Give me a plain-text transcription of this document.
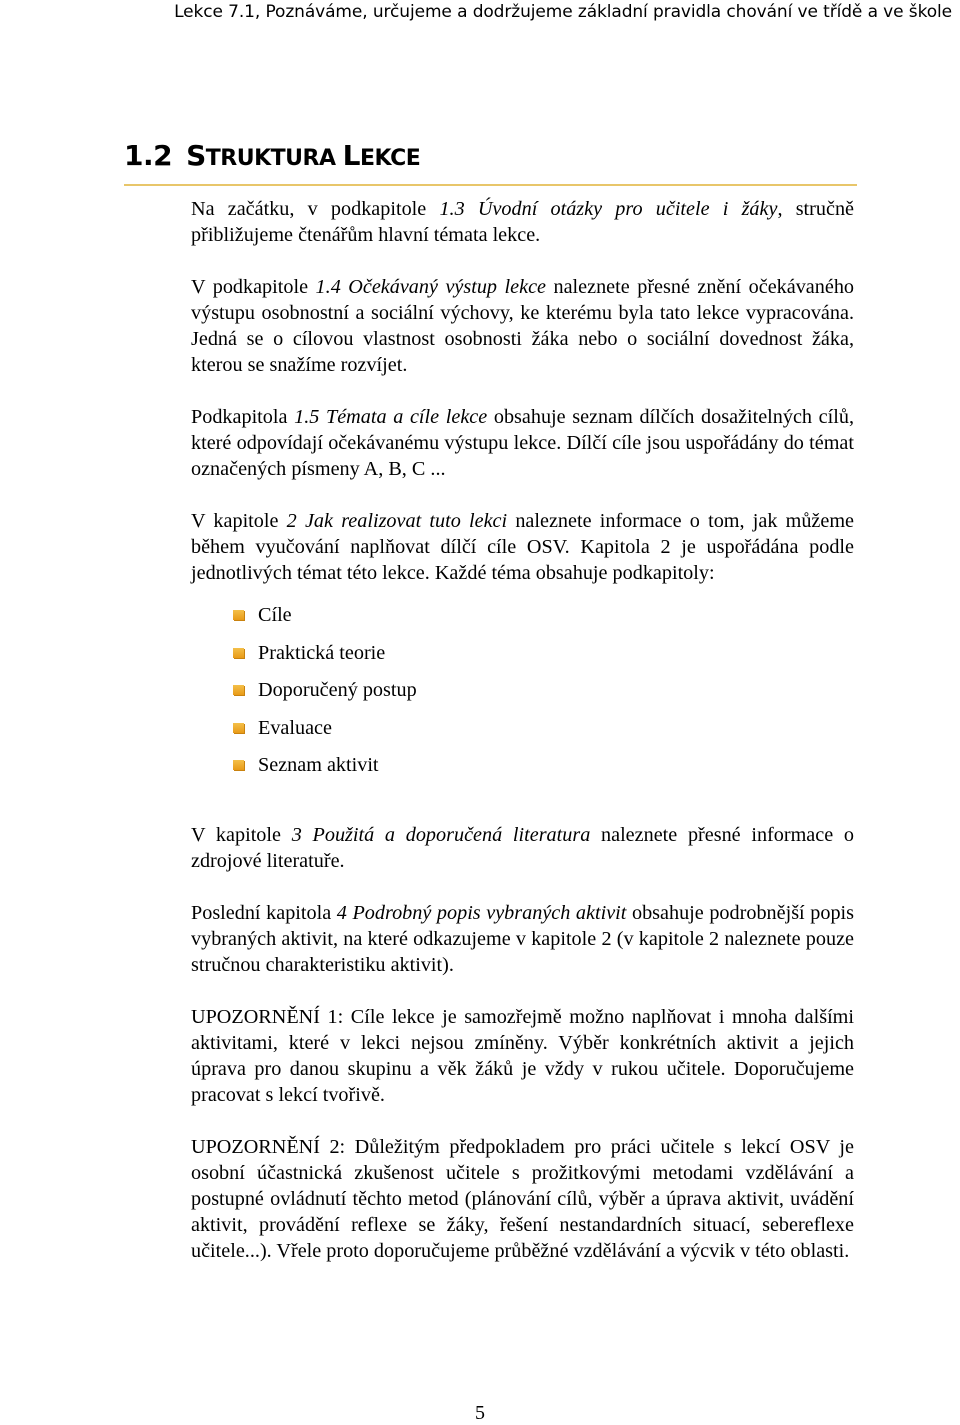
Lekce 7.1, Poznáváme, určujeme a dodržujeme základní pravidla chování ve třídě a ve škole
1.2 STRUKTURA LEKCE

Na začátku, v podkapitole 1.3 Úvodní otázky pro učitele i žáky, stručně přibližujeme čtenářům hlavní témata lekce.

V podkapitole 1.4 Očekávaný výstup lekce naleznete přesné znění očekávaného výstupu osobnostní a sociální výchovy, ke kterému byla tato lekce vypracována. Jedná se o cílovou vlastnost osobnosti žáka nebo o sociální dovednost žáka, kterou se snažíme rozvíjet.

Podkapitola 1.5 Témata a cíle lekce obsahuje seznam dílčích dosažitelných cílů, které odpovídají očekávanému výstupu lekce. Dílčí cíle jsou uspořádány do témat označených písmeny A, B, C ...

V kapitole 2 Jak realizovat tuto lekci naleznete informace o tom, jak můžeme během vyučování naplňovat dílčí cíle OSV. Kapitola 2 je uspořádána podle jednotlivých témat této lekce. Každé téma obsahuje podkapitoly:

Cíle
Praktická teorie
Doporučený postup
Evaluace
Seznam aktivit

V kapitole 3 Použitá a doporučená literatura naleznete přesné informace o zdrojové literatuře.

Poslední kapitola 4 Podrobný popis vybraných aktivit obsahuje podrobnější popis vybraných aktivit, na které odkazujeme v kapitole 2 (v kapitole 2 naleznete pouze stručnou charakteristiku aktivit).

UPOZORNĚNÍ 1: Cíle lekce je samozřejmě možno naplňovat i mnoha dalšími aktivitami, které v lekci nejsou zmíněny. Výběr konkrétních aktivit a jejich úprava pro danou skupinu a věk žáků je vždy v rukou učitele. Doporučujeme pracovat s lekcí tvořivě.

UPOZORNĚNÍ 2: Důležitým předpokladem pro práci učitele s lekcí OSV je osobní účastnická zkušenost učitele s prožitkovými metodami vzdělávání a postupné ovládnutí těchto metod (plánování cílů, výběr a úprava aktivit, uvádění aktivit, provádění reflexe se žáky, řešení nestandardních situací, sebereflexe učitele...). Vřele proto doporučujeme průběžné vzdělávání a výcvik v této oblasti.

5
